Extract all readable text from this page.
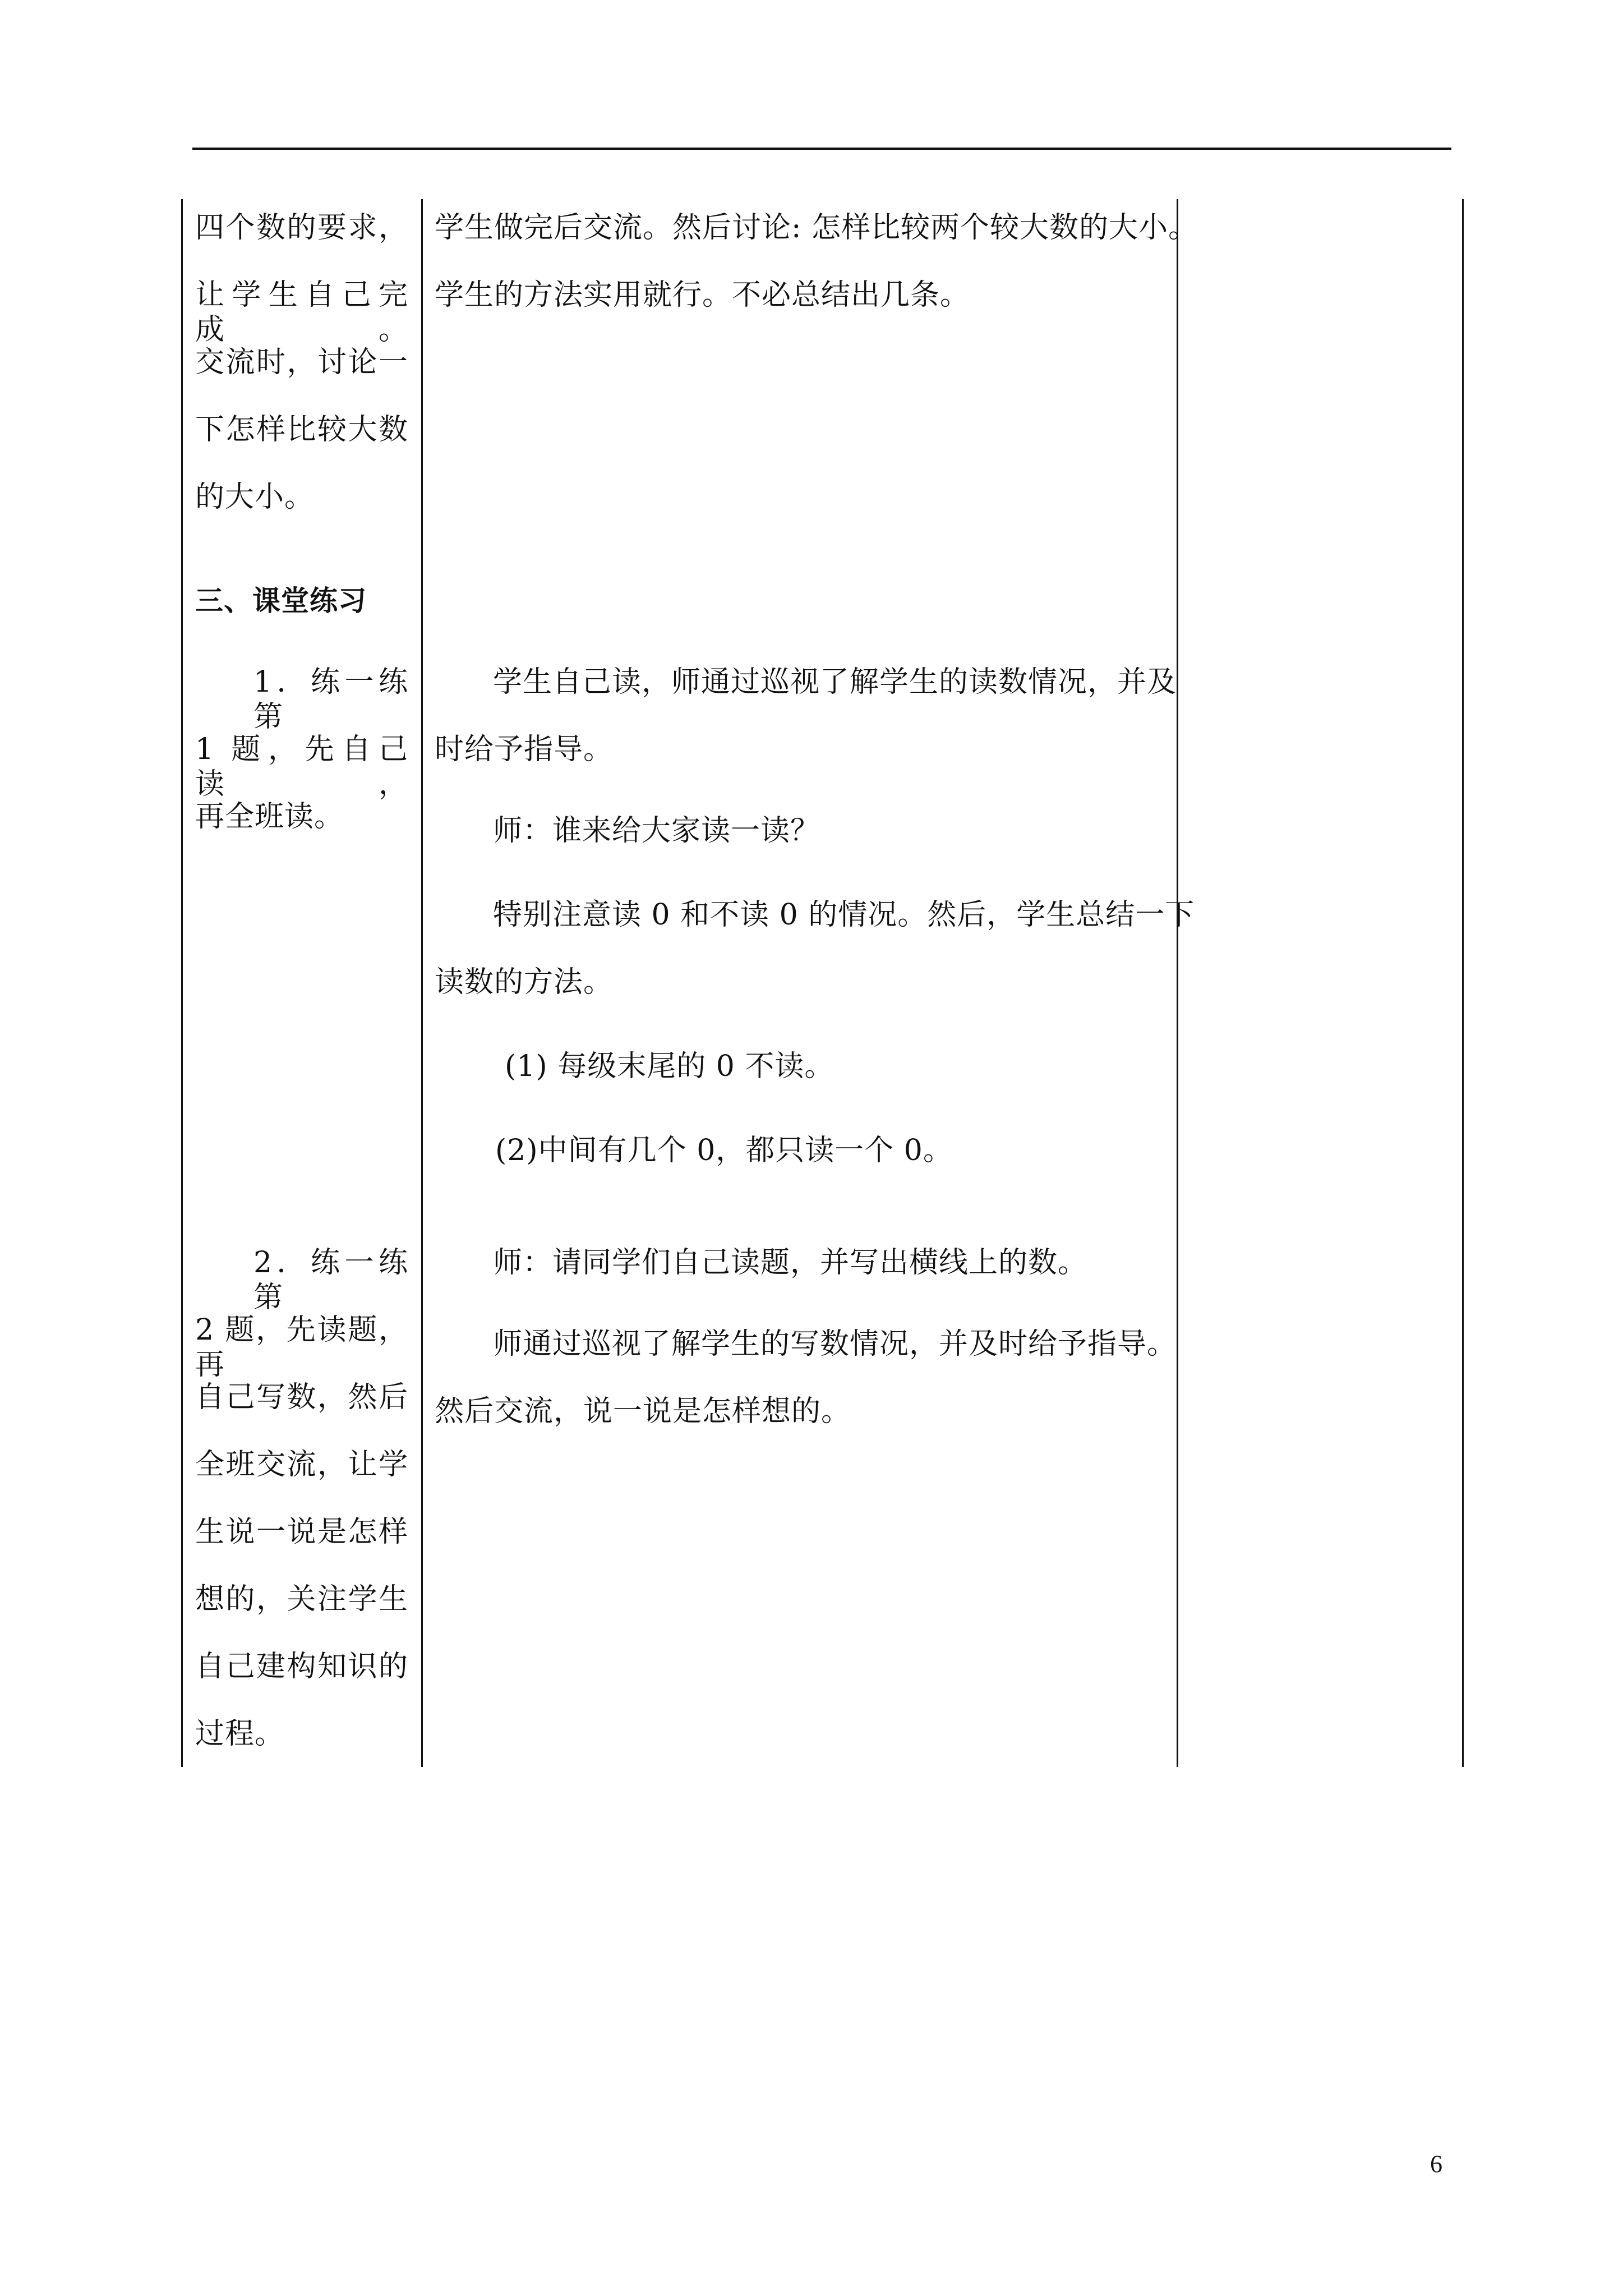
四个数的要求，
让学生自己完成。
交流时，讨论一
下怎样比较大数
的大小。
三、课堂练习
1．练一练第
1 题，先自己读，
再全班读。
2．练一练第
2 题，先读题，再
自己写数，然后
全班交流，让学
生说一说是怎样
想的，关注学生
自己建构知识的
过程。
学生做完后交流。然后讨论: 怎样比较两个较大数的大小。
学生的方法实用就行。不必总结出几条。
学生自己读，师通过巡视了解学生的读数情况，并及
时给予指导。
师：谁来给大家读一读？
特别注意读 0 和不读 0 的情况。然后，学生总结一下
读数的方法。
(1) 每级末尾的 0 不读。
(2)中间有几个 0，都只读一个 0。
师：请同学们自己读题，并写出横线上的数。
师通过巡视了解学生的写数情况，并及时给予指导。
然后交流，说一说是怎样想的。
6
